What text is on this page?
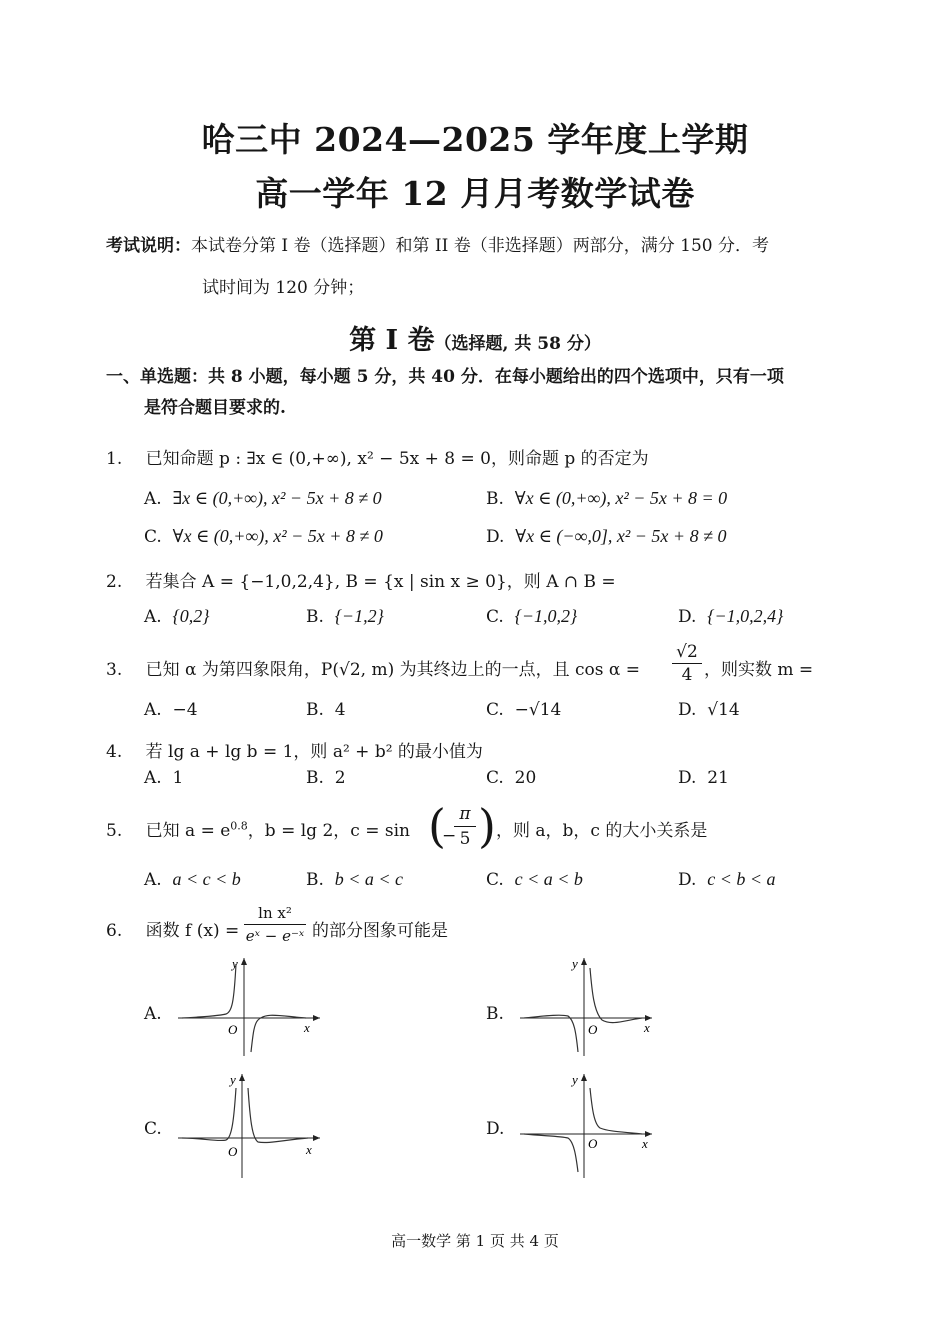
哈三中 2024—2025 学年度上学期
高一学年 12 月月考数学试卷
考试说明：本试卷分第 I 卷（选择题）和第 II 卷（非选择题）两部分，满分 150 分．考
试时间为 120 分钟；
第 I 卷（选择题, 共 58 分）
一、单选题：共 8 小题，每小题 5 分，共 40 分．在每小题给出的四个选项中，只有一项
是符合题目要求的.
1. 已知命题 p : ∃x ∈ (0,+∞), x² − 5x + 8 = 0，则命题 p 的否定为
A. ∃x ∈ (0,+∞), x² − 5x + 8 ≠ 0	B. ∀x ∈ (0,+∞), x² − 5x + 8 = 0
C. ∀x ∈ (0,+∞), x² − 5x + 8 ≠ 0	D. ∀x ∈ (−∞,0], x² − 5x + 8 ≠ 0
2. 若集合 A = {−1,0,2,4}, B = {x | sin x ≥ 0}，则 A ∩ B =
A. {0,2}	B. {−1,2}	C. {−1,0,2}	D. {−1,0,2,4}
3. 已知 α 为第四象限角，P(√2, m) 为其终边上的一点，且 $\cos \alpha = \frac{√2}{4}$ ，则实数 m =
A. −4	B. 4	C. −√14	D. √14
4. 若 lg a + lg b = 1，则 a² + b² 的最小值为
A. 1	B. 2	C. 20	D. 21
5. 已知 $a = e^{0.8}$，b = lg 2，c = sin (
−
$\frac{\pi}{5}$ ) ，则 a，b，c 的大小关系是
A. a < c < b	B. b < a < c	C. c < a < b	D. c < b < a
6. 函数 f $(x) = \frac{\text{ln x²}}{\text{eˣ − e⁻ˣ}}$ 的部分图象可能是
A.	B.
C.	D.
x
y
O	x
y
O
x
y
O
x
y
O
高一数学 第 1 页 共 4 页
